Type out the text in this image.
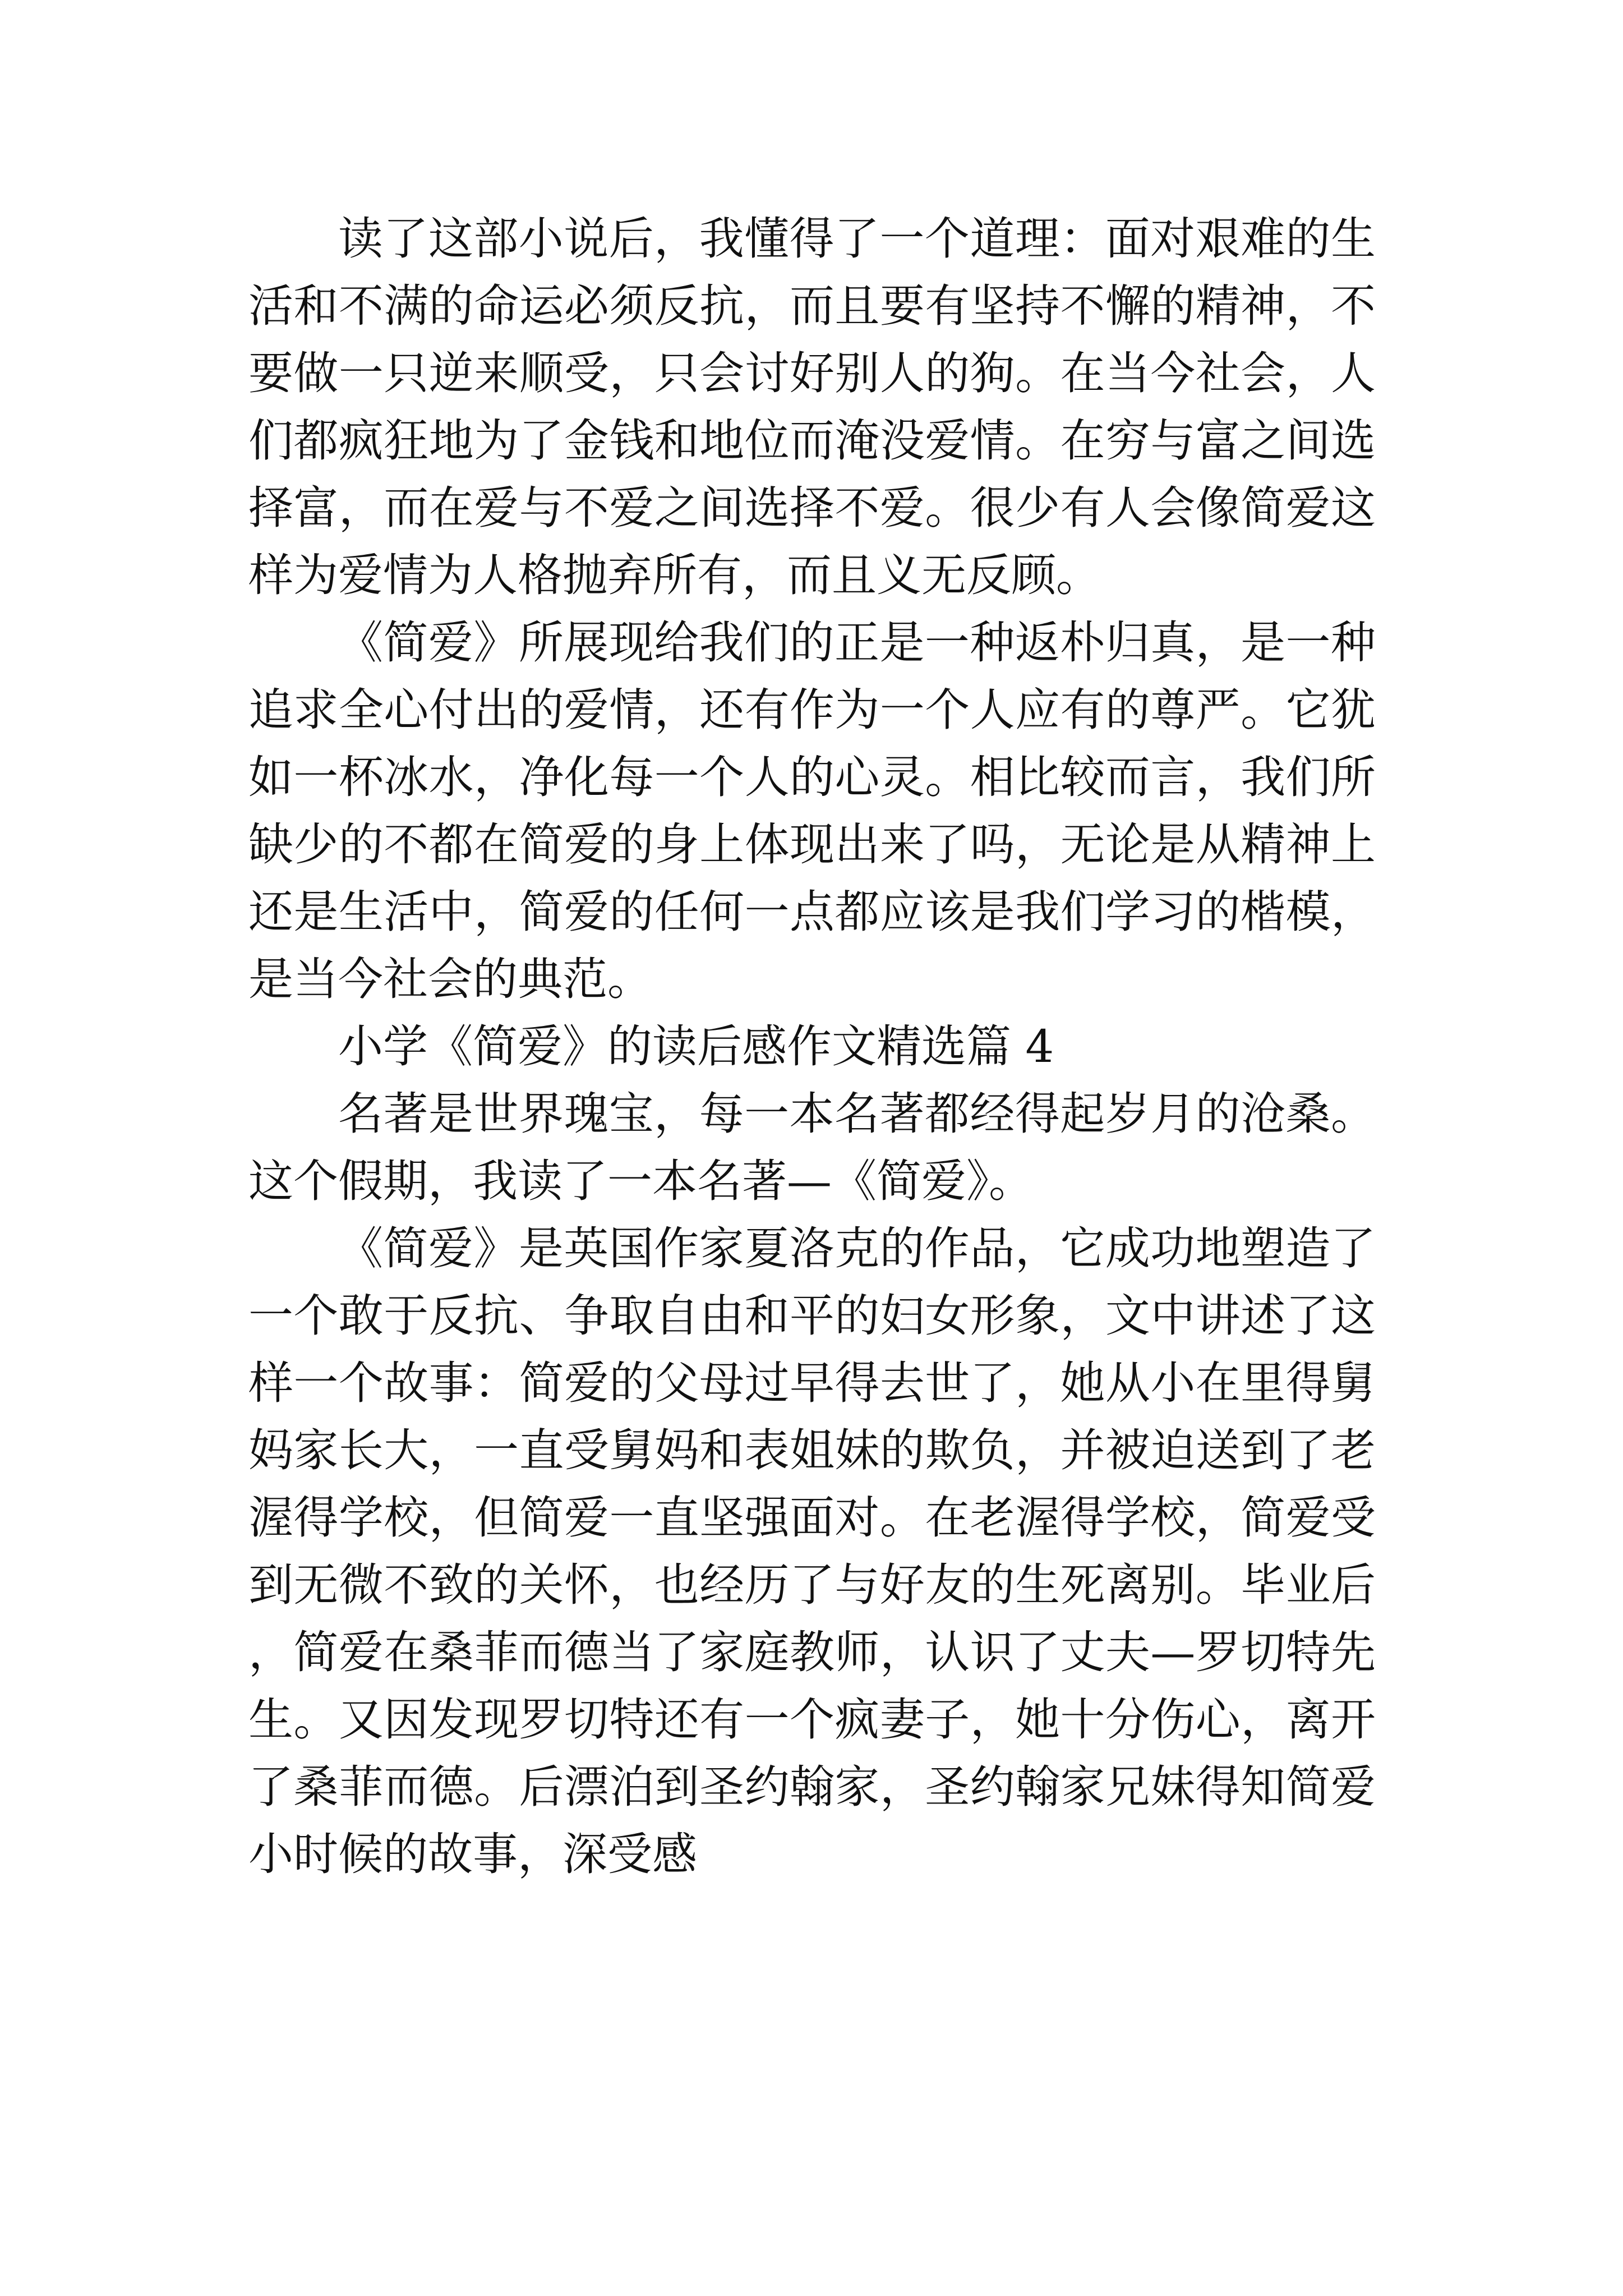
读了这部小说后，我懂得了一个道理：面对艰难的生活和不满的命运必须反抗，而且要有坚持不懈的精神，不要做一只逆来顺受，只会讨好别人的狗。在当今社会，人们都疯狂地为了金钱和地位而淹没爱情。在穷与富之间选择富，而在爱与不爱之间选择不爱。很少有人会像简爱这样为爱情为人格抛弃所有，而且义无反顾。

《简爱》所展现给我们的正是一种返朴归真，是一种追求全心付出的爱情，还有作为一个人应有的尊严。它犹如一杯冰水，净化每一个人的心灵。相比较而言，我们所缺少的不都在简爱的身上体现出来了吗，无论是从精神上还是生活中，简爱的任何一点都应该是我们学习的楷模，是当今社会的典范。

小学《简爱》的读后感作文精选篇 4

名著是世界瑰宝，每一本名著都经得起岁月的沧桑。这个假期，我读了一本名著—《简爱》。

《简爱》是英国作家夏洛克的作品，它成功地塑造了一个敢于反抗、争取自由和平的妇女形象，文中讲述了这样一个故事：简爱的父母过早得去世了，她从小在里得舅妈家长大，一直受舅妈和表姐妹的欺负，并被迫送到了老渥得学校，但简爱一直坚强面对。在老渥得学校，简爱受到无微不致的关怀，也经历了与好友的生死离别。毕业后，简爱在桑菲而德当了家庭教师，认识了丈夫—罗切特先生。又因发现罗切特还有一个疯妻子，她十分伤心，离开了桑菲而德。后漂泊到圣约翰家，圣约翰家兄妹得知简爱小时候的故事，深受感
